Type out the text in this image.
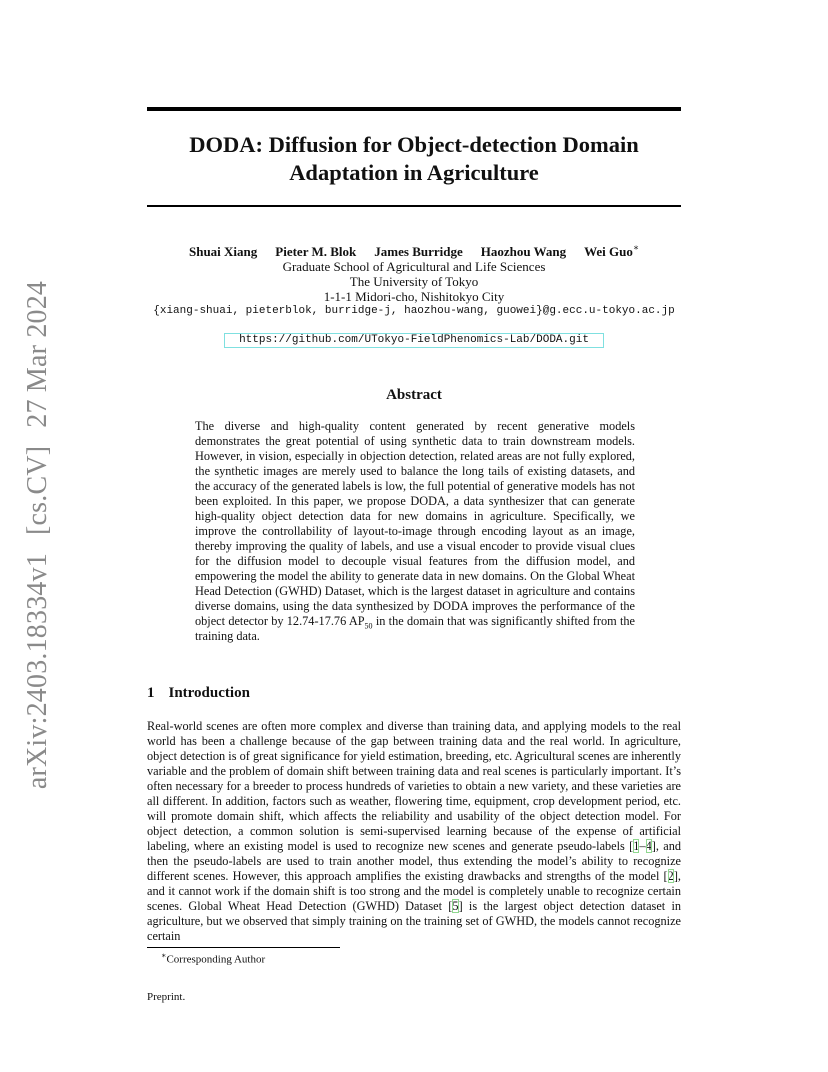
arXiv:2403.18334v1[cs.CV]27 Mar 2024
DODA: Diffusion for Object-detection Domain
Adaptation in Agriculture
Shuai Xiang Pieter M. Blok James Burridge Haozhou Wang Wei Guo∗
Graduate School of Agricultural and Life Sciences
The University of Tokyo
1-1-1 Midori-cho, Nishitokyo City
{xiang-shuai, pieterblok, burridge-j, haozhou-wang, guowei}@g.ecc.u-tokyo.ac.jp
https://github.com/UTokyo-FieldPhenomics-Lab/DODA.git
Abstract
The diverse and high-quality content generated by recent generative models demonstrates the great potential of using synthetic data to train downstream models. However, in vision, especially in objection detection, related areas are not fully explored, the synthetic images are merely used to balance the long tails of existing datasets, and the accuracy of the generated labels is low, the full potential of generative models has not been exploited. In this paper, we propose DODA, a data synthesizer that can generate high-quality object detection data for new domains in agriculture. Specifically, we improve the controllability of layout-to-image through encoding layout as an image, thereby improving the quality of labels, and use a visual encoder to provide visual clues for the diffusion model to decouple visual features from the diffusion model, and empowering the model the ability to generate data in new domains. On the Global Wheat Head Detection (GWHD) Dataset, which is the largest dataset in agriculture and contains diverse domains, using the data synthesized by DODA improves the performance of the object detector by 12.74-17.76 $AP_{50}$ in the domain that was significantly shifted from the training data.
1 Introduction
Real-world scenes are often more complex and diverse than training data, and applying models to the real world has been a challenge because of the gap between training data and the real world. In agriculture, object detection is of great significance for yield estimation, breeding, etc. Agricultural scenes are inherently variable and the problem of domain shift between training data and real scenes is particularly important. It’s often necessary for a breeder to process hundreds of varieties to obtain a new variety, and these varieties are all different. In addition, factors such as weather, flowering time, equipment, crop development period, etc. will promote domain shift, which affects the reliability and usability of the object detection model. For object detection, a common solution is semi-supervised learning because of the expense of artificial labeling, where an existing model is used to recognize new scenes and generate pseudo-labels [1–4], and then the pseudo-labels are used to train another model, thus extending the model’s ability to recognize different scenes. However, this approach amplifies the existing drawbacks and strengths of the model [2], and it cannot work if the domain shift is too strong and the model is completely unable to recognize certain scenes. Global Wheat Head Detection (GWHD) Dataset [5] is the largest object detection dataset in agriculture, but we observed that simply training on the training set of GWHD, the models cannot recognize certain
∗Corresponding Author
Preprint.
